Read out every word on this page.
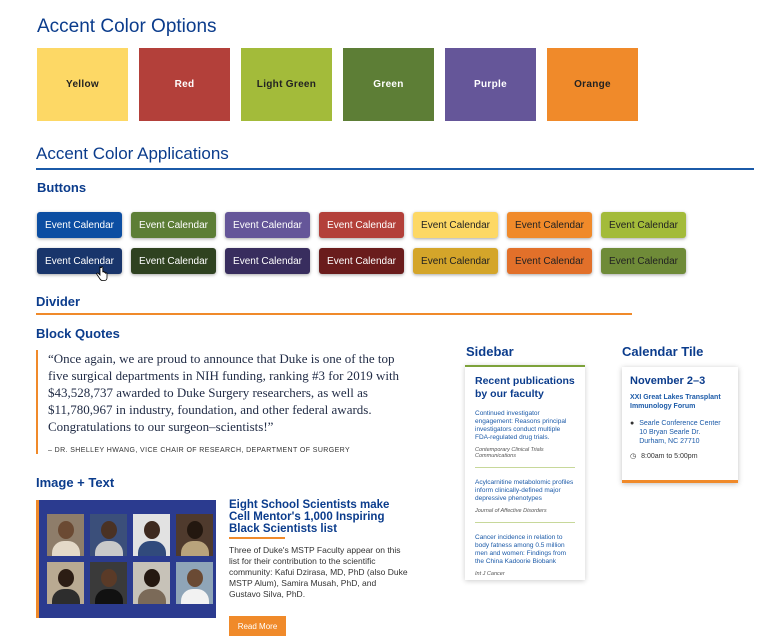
Accent Color Options
Yellow	Red	Light Green	Green	Purple	Orange
Accent Color Applications
Buttons
Event Calendar	Event Calendar	Event Calendar	Event Calendar	Event Calendar	Event Calendar	Event Calendar
Event Calendar	Event Calendar	Event Calendar	Event Calendar	Event Calendar	Event Calendar	Event Calendar
Divider
Block Quotes

“Once again, we are proud to announce that Duke is one of the top five surgical departments in NIH funding, ranking #3 for 2019 with $43,528,737 awarded to Duke Surgery researchers, as well as $11,780,967 in industry, foundation, and other federal awards. Congratulations to our surgeon–scientists!”

– DR. SHELLEY HWANG, VICE CHAIR OF RESEARCH, DEPARTMENT OF SURGERY

Image + Text
Eight School Scientists make Cell Mentor's 1,000 Inspiring Black Scientists list

Three of Duke's MSTP Faculty appear on this list for their contribution to the scientific community: Kafui Dzirasa, MD, PhD (also Duke MSTP Alum), Samira Musah, PhD, and Gustavo Silva, PhD.

Read More
Sidebar
Recent publications by our faculty
Continued investigator engagement: Reasons principal investigators conduct multiple FDA-regulated drug trials.
Contemporary Clinical Trials Communications
Acylcarnitine metabolomic profiles inform clinically-defined major depressive phenotypes
Journal of Affective Disorders
Cancer incidence in relation to body fatness among 0.5 million men and women: Findings from the China Kadoorie Biobank
Int J Cancer
Calendar Tile
November 2–3
XXI Great Lakes Transplant Immunology Forum
● Searle Conference Center
10 Bryan Searle Dr.
Durham, NC 27710
◷ 8:00am to 5:00pm
